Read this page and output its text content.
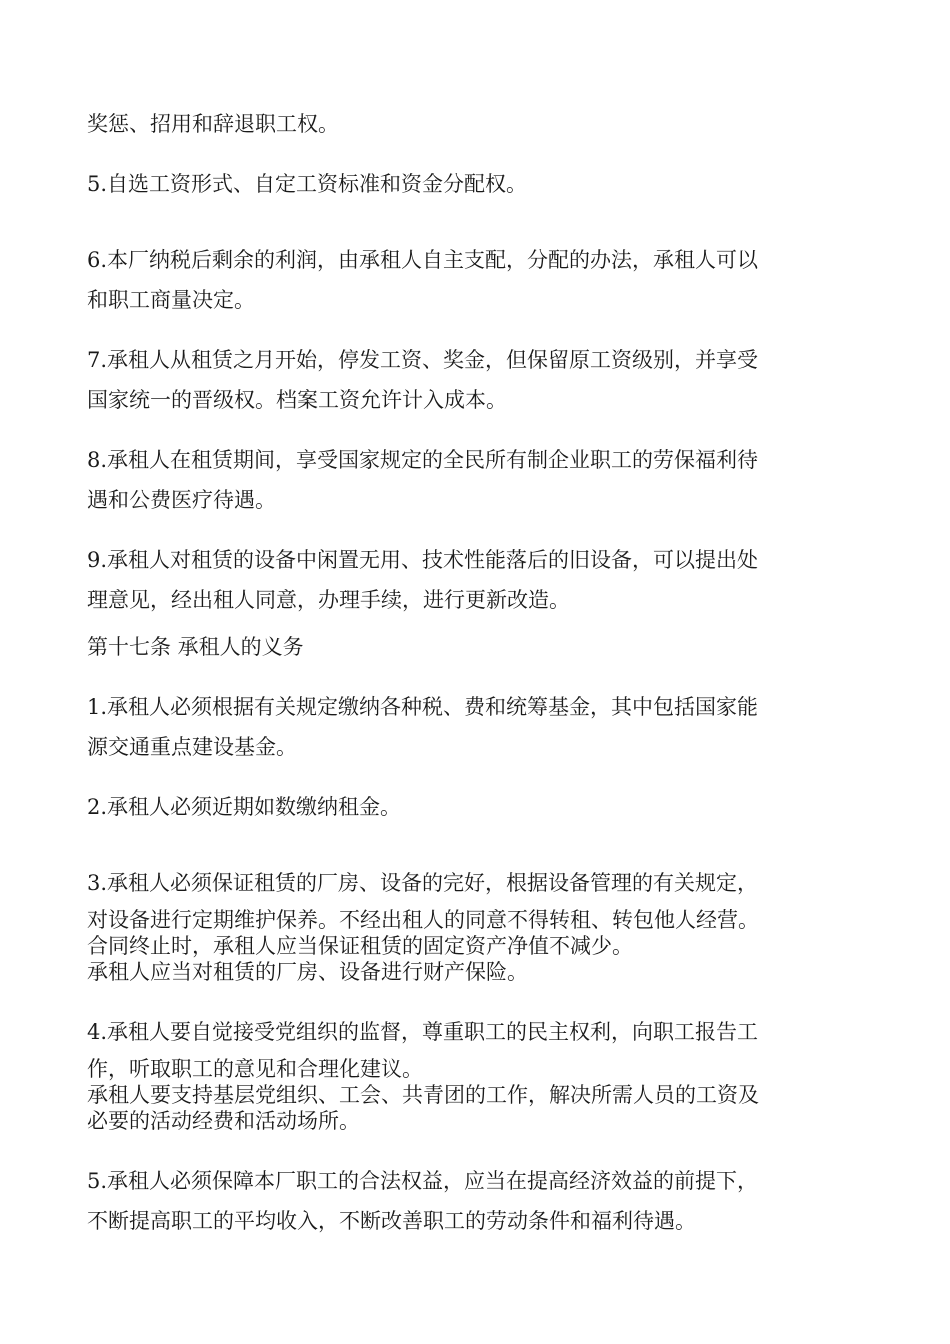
奖惩、招用和辞退职工权。
5.自选工资形式、自定工资标准和资金分配权。
6.本厂纳税后剩余的利润，由承租人自主支配，分配的办法，承租人可以
和职工商量决定。
7.承租人从租赁之月开始，停发工资、奖金，但保留原工资级别，并享受
国家统一的晋级权。档案工资允许计入成本。
8.承租人在租赁期间，享受国家规定的全民所有制企业职工的劳保福利待
遇和公费医疗待遇。
9.承租人对租赁的设备中闲置无用、技术性能落后的旧设备，可以提出处
理意见，经出租人同意，办理手续，进行更新改造。
第十七条 承租人的义务
1.承租人必须根据有关规定缴纳各种税、费和统筹基金，其中包括国家能
源交通重点建设基金。
2.承租人必须近期如数缴纳租金。
3.承租人必须保证租赁的厂房、设备的完好，根据设备管理的有关规定，
对设备进行定期维护保养。不经出租人的同意不得转租、转包他人经营。
合同终止时，承租人应当保证租赁的固定资产净值不减少。
承租人应当对租赁的厂房、设备进行财产保险。
4.承租人要自觉接受党组织的监督，尊重职工的民主权利，向职工报告工
作，听取职工的意见和合理化建议。
承租人要支持基层党组织、工会、共青团的工作，解决所需人员的工资及
必要的活动经费和活动场所。
5.承租人必须保障本厂职工的合法权益，应当在提高经济效益的前提下，
不断提高职工的平均收入，不断改善职工的劳动条件和福利待遇。
